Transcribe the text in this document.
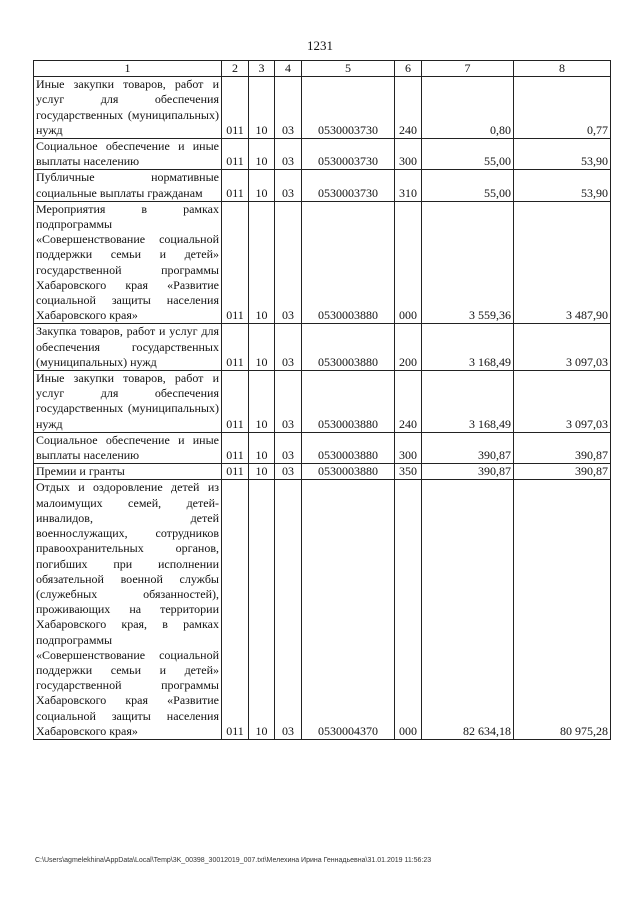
1231
1	2	3	4	5	6	7	8
Иные закупки товаров, работ и услуг для обеспечения государственных (муниципальных) нужд	011	10	03	0530003730	240	0,80	0,77
Социальное обеспечение и иные выплаты населению	011	10	03	0530003730	300	55,00	53,90
Публичные нормативные социальные выплаты гражданам	011	10	03	0530003730	310	55,00	53,90
Мероприятия в рамках подпрограммы «Совершенствование социальной поддержки семьи и детей» государственной программы Хабаровского края «Развитие социальной защиты населения Хабаровского края»	011	10	03	0530003880	000	3 559,36	3 487,90
Закупка товаров, работ и услуг для обеспечения государственных (муниципальных) нужд	011	10	03	0530003880	200	3 168,49	3 097,03
Иные закупки товаров, работ и услуг для обеспечения государственных (муниципальных) нужд	011	10	03	0530003880	240	3 168,49	3 097,03
Социальное обеспечение и иные выплаты населению	011	10	03	0530003880	300	390,87	390,87
Премии и гранты	011	10	03	0530003880	350	390,87	390,87
Отдых и оздоровление детей из малоимущих семей, детей-инвалидов, детей военнослужащих, сотрудников правоохранительных органов, погибших при исполнении обязательной военной службы (служебных обязанностей), проживающих на территории Хабаровского края, в рамках подпрограммы «Совершенствование социальной поддержки семьи и детей» государственной программы Хабаровского края «Развитие социальной защиты населения Хабаровского края»	011	10	03	0530004370	000	82 634,18	80 975,28
C:\Users\agmelekhina\AppData\Local\Temp\3K_00398_30012019_007.txt\Мелехина Ирина Геннадьевна\31.01.2019 11:56:23
